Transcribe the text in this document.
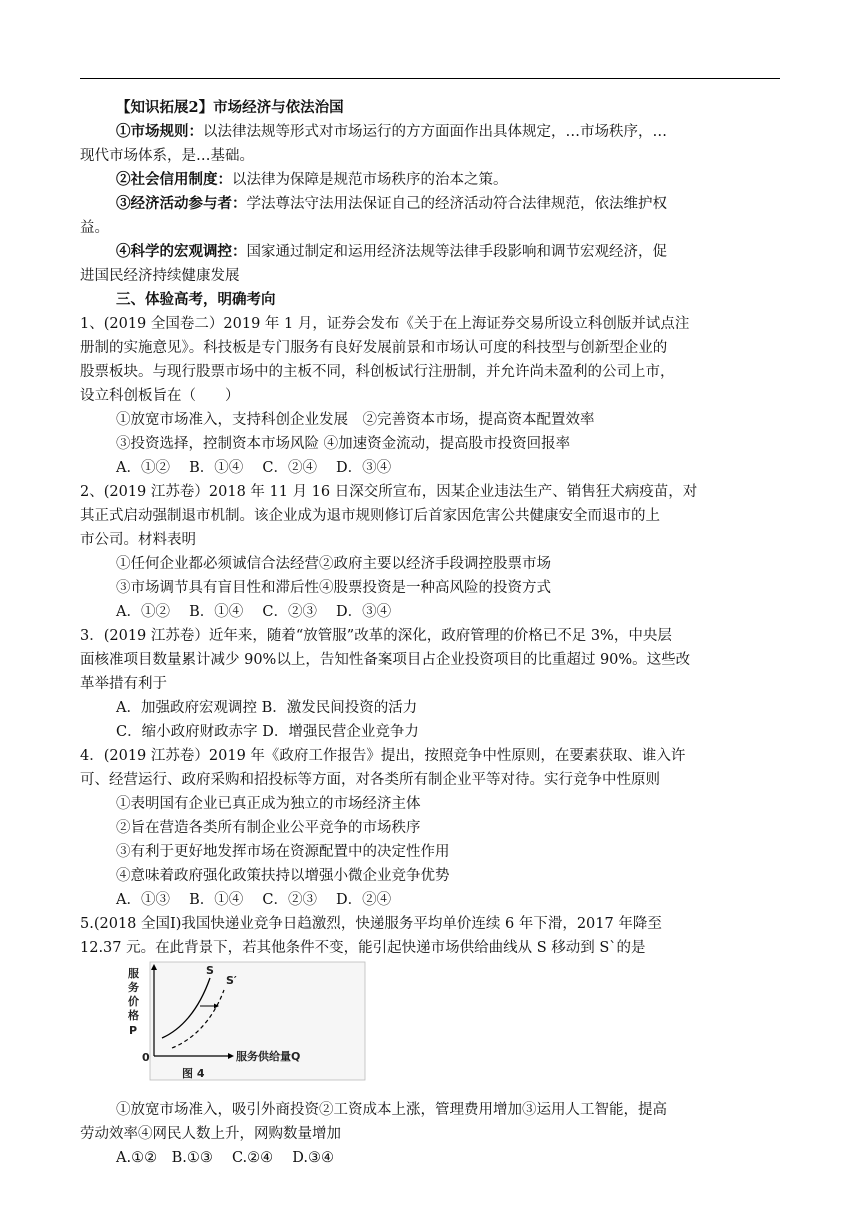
【知识拓展2】市场经济与依法治国
①市场规则：以法律法规等形式对市场运行的方方面面作出具体规定，…市场秩序，…
现代市场体系，是…基础。
②社会信用制度：以法律为保障是规范市场秩序的治本之策。
③经济活动参与者：学法尊法守法用法保证自己的经济活动符合法律规范，依法维护权
益。
④科学的宏观调控：国家通过制定和运用经济法规等法律手段影响和调节宏观经济，促
进国民经济持续健康发展
三、体验高考，明确考向
1、(2019 全国卷二）2019 年 1 月，证券会发布《关于在上海证券交易所设立科创版并试点注
册制的实施意见》。科技板是专门服务有良好发展前景和市场认可度的科技型与创新型企业的
股票板块。与现行股票市场中的主板不同，科创板试行注册制，并允许尚未盈利的公司上市，
设立科创板旨在（　　）
①放宽市场准入，支持科创企业发展　②完善资本市场，提高资本配置效率
③投资选择，控制资本市场风险 ④加速资金流动，提高股市投资回报率
A．①②　 B．①④　 C．②④　 D．③④
2、(2019 江苏卷）2018 年 11 月 16 日深交所宣布，因某企业违法生产、销售狂犬病疫苗，对
其正式启动强制退市机制。该企业成为退市规则修订后首家因危害公共健康安全而退市的上
市公司。材料表明
①任何企业都必须诚信合法经营②政府主要以经济手段调控股票市场
③市场调节具有盲目性和滞后性④股票投资是一种高风险的投资方式
A．①②　 B．①④　 C．②③　 D．③④
3．(2019 江苏卷）近年来，随着“放管服”改革的深化，政府管理的价格已不足 3%，中央层
面核准项目数量累计减少 90%以上，告知性备案项目占企业投资项目的比重超过 90%。这些改
革举措有利于
A．加强政府宏观调控 B．激发民间投资的活力
C．缩小政府财政赤字 D．增强民营企业竞争力
4．(2019 江苏卷）2019 年《政府工作报告》提出，按照竞争中性原则，在要素获取、谁入许
可、经营运行、政府采购和招投标等方面，对各类所有制企业平等对待。实行竞争中性原则
①表明国有企业已真正成为独立的市场经济主体
②旨在营造各类所有制企业公平竞争的市场秩序
③有利于更好地发挥市场在资源配置中的决定性作用
④意味着政府强化政策扶持以增强小微企业竞争优势
A．①③　 B．①④　 C．②③　 D．②④
5.(2018 全国Ⅰ)我国快递业竞争日趋激烈，快递服务平均单价连续 6 年下滑，2017 年降至
12.37 元。在此背景下，若其他条件不变，能引起快递市场供给曲线从 S 移动到 S`的是
服
务
价
格
P
0	服务供给量Q
S
S′
图 4
①放宽市场准入，吸引外商投资②工资成本上涨，管理费用增加③运用人工智能，提高
劳动效率④网民人数上升，网购数量增加
A.①②　B.①③　 C.②④　 D.③④
